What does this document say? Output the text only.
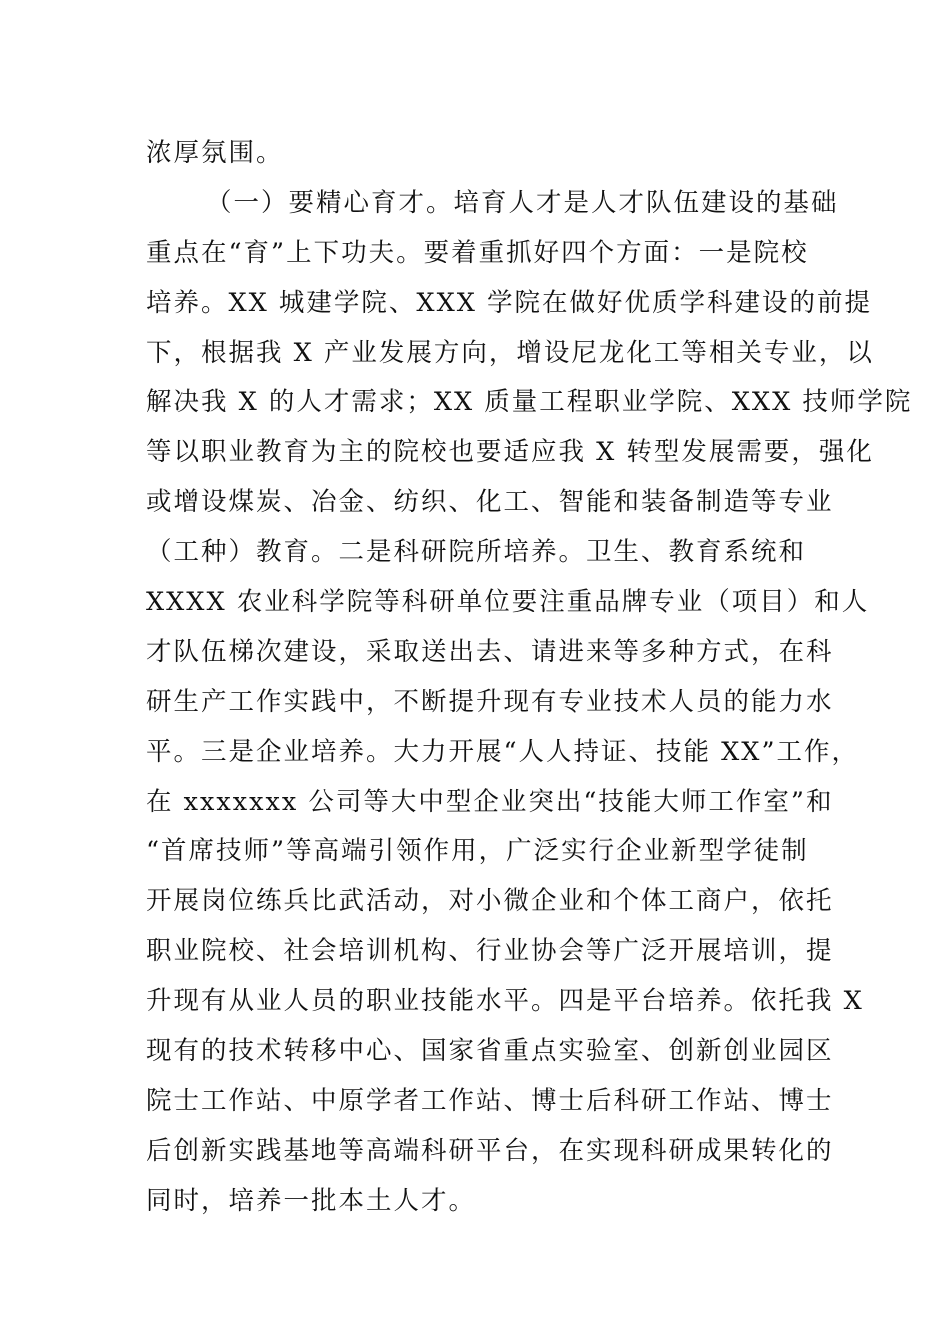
浓厚氛围。
（一）要精心育才。培育人才是人才队伍建设的基础
重点在“育”上下功夫。要着重抓好四个方面：一是院校
培养。XX 城建学院、XXX 学院在做好优质学科建设的前提
下，根据我 X 产业发展方向，增设尼龙化工等相关专业，以
解决我 X 的人才需求；XX 质量工程职业学院、XXX 技师学院
等以职业教育为主的院校也要适应我 X 转型发展需要，强化
或增设煤炭、冶金、纺织、化工、智能和装备制造等专业
（工种）教育。二是科研院所培养。卫生、教育系统和
XXXX 农业科学院等科研单位要注重品牌专业（项目）和人
才队伍梯次建设，采取送出去、请进来等多种方式，在科
研生产工作实践中，不断提升现有专业技术人员的能力水
平。三是企业培养。大力开展“人人持证、技能 XX”工作，
在 xxxxxxx 公司等大中型企业突出“技能大师工作室”和
“首席技师”等高端引领作用，广泛实行企业新型学徒制
开展岗位练兵比武活动，对小微企业和个体工商户，依托
职业院校、社会培训机构、行业协会等广泛开展培训，提
升现有从业人员的职业技能水平。四是平台培养。依托我 X
现有的技术转移中心、国家省重点实验室、创新创业园区
院士工作站、中原学者工作站、博士后科研工作站、博士
后创新实践基地等高端科研平台，在实现科研成果转化的
同时，培养一批本土人才。
